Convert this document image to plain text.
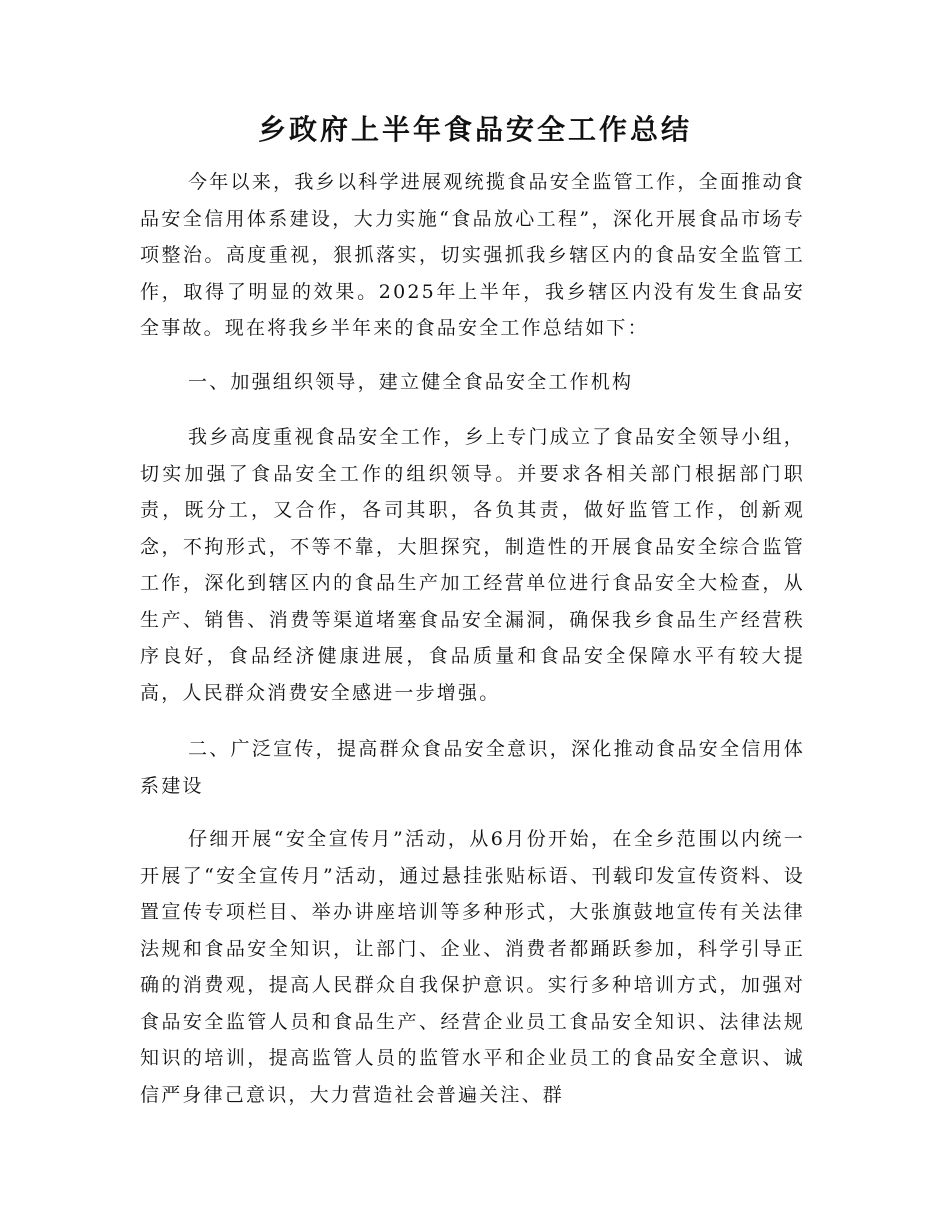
乡政府上半年食品安全工作总结

今年以来，我乡以科学进展观统揽食品安全监管工作，全面推动食品安全信用体系建设，大力实施“食品放心工程”，深化开展食品市场专项整治。高度重视，狠抓落实，切实强抓我乡辖区内的食品安全监管工作，取得了明显的效果。2025年上半年，我乡辖区内没有发生食品安全事故。现在将我乡半年来的食品安全工作总结如下：

一、加强组织领导，建立健全食品安全工作机构

我乡高度重视食品安全工作，乡上专门成立了食品安全领导小组，切实加强了食品安全工作的组织领导。并要求各相关部门根据部门职责，既分工，又合作，各司其职，各负其责，做好监管工作，创新观念，不拘形式，不等不靠，大胆探究，制造性的开展食品安全综合监管工作，深化到辖区内的食品生产加工经营单位进行食品安全大检查，从生产、销售、消费等渠道堵塞食品安全漏洞，确保我乡食品生产经营秩序良好，食品经济健康进展，食品质量和食品安全保障水平有较大提高，人民群众消费安全感进一步增强。

二、广泛宣传，提高群众食品安全意识，深化推动食品安全信用体系建设

仔细开展“安全宣传月”活动，从6月份开始，在全乡范围以内统一开展了“安全宣传月”活动，通过悬挂张贴标语、刊载印发宣传资料、设置宣传专项栏目、举办讲座培训等多种形式，大张旗鼓地宣传有关法律法规和食品安全知识，让部门、企业、消费者都踊跃参加，科学引导正确的消费观，提高人民群众自我保护意识。实行多种培训方式，加强对食品安全监管人员和食品生产、经营企业员工食品安全知识、法律法规知识的培训，提高监管人员的监管水平和企业员工的食品安全意识、诚信严身律己意识，大力营造社会普遍关注、群
